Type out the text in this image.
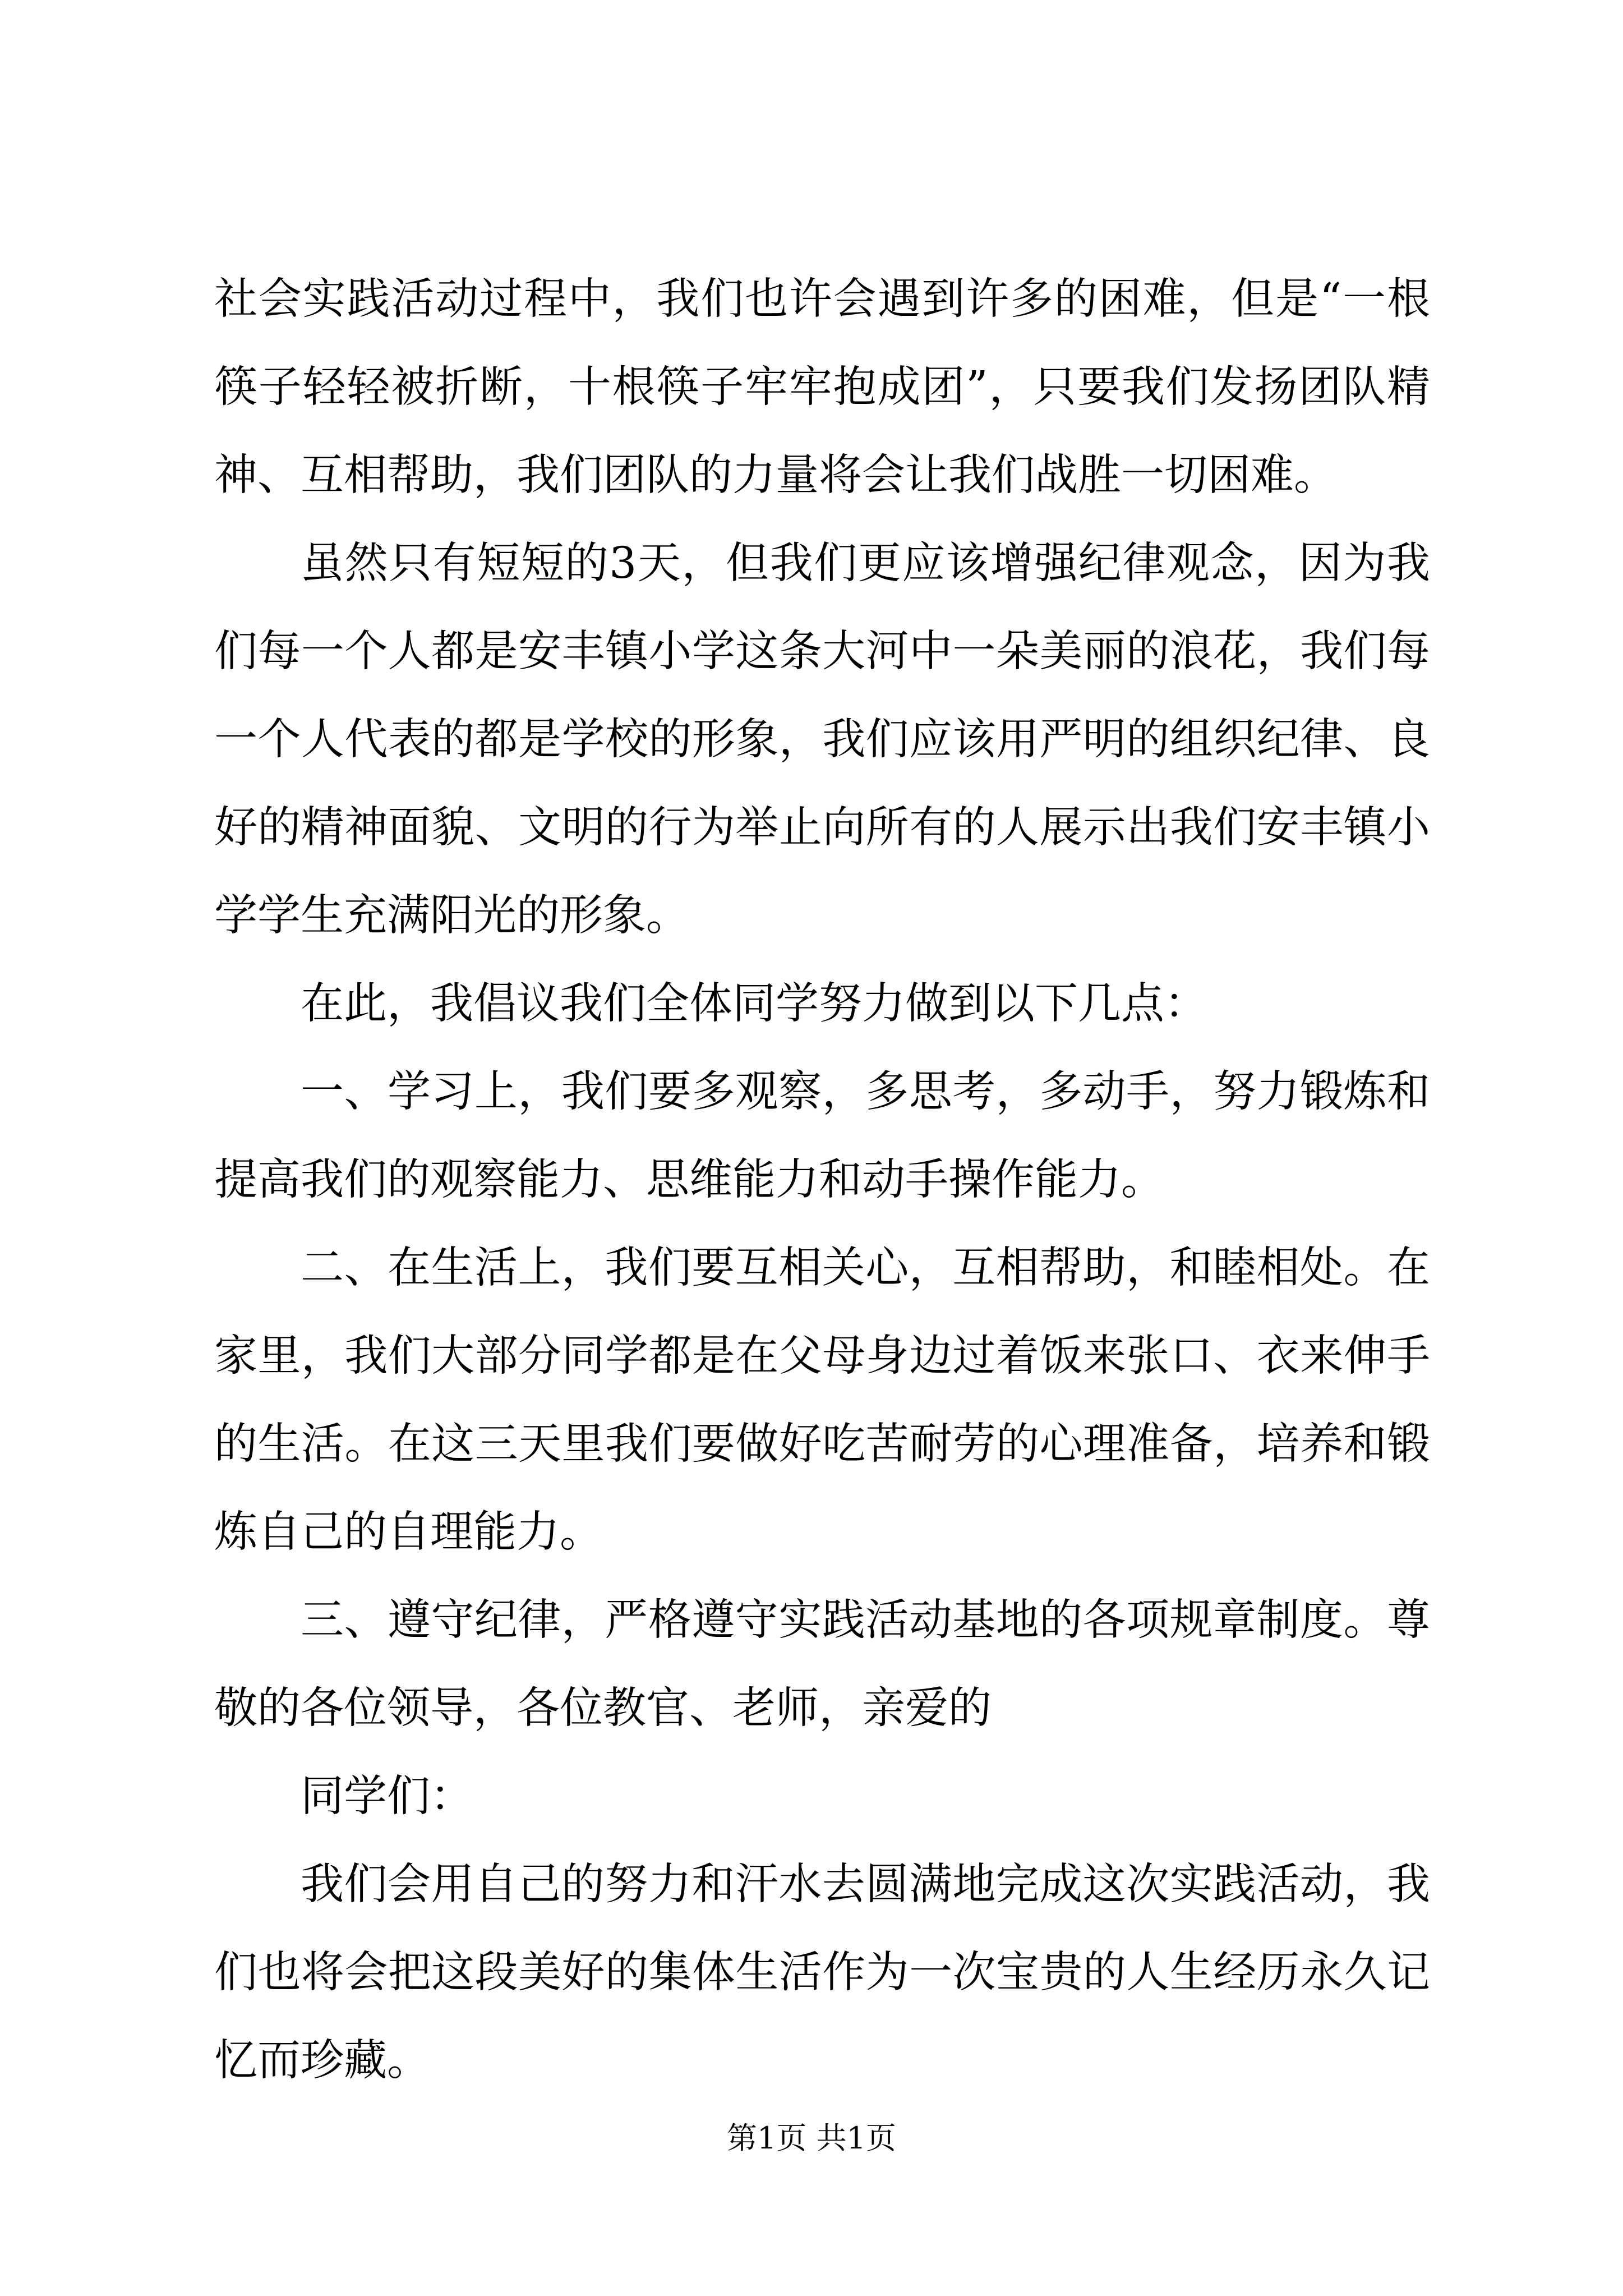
社会实践活动过程中，我们也许会遇到许多的困难，但是“一根筷子轻轻被折断，十根筷子牢牢抱成团”，只要我们发扬团队精神、互相帮助，我们团队的力量将会让我们战胜一切困难。

虽然只有短短的3天，但我们更应该增强纪律观念，因为我们每一个人都是安丰镇小学这条大河中一朵美丽的浪花，我们每一个人代表的都是学校的形象，我们应该用严明的组织纪律、良好的精神面貌、文明的行为举止向所有的人展示出我们安丰镇小学学生充满阳光的形象。

在此，我倡议我们全体同学努力做到以下几点：

一、学习上，我们要多观察，多思考，多动手，努力锻炼和提高我们的观察能力、思维能力和动手操作能力。

二、在生活上，我们要互相关心，互相帮助，和睦相处。在家里，我们大部分同学都是在父母身边过着饭来张口、衣来伸手的生活。在这三天里我们要做好吃苦耐劳的心理准备，培养和锻炼自己的自理能力。

三、遵守纪律，严格遵守实践活动基地的各项规章制度。尊敬的各位领导，各位教官、老师，亲爱的

同学们：

我们会用自己的努力和汗水去圆满地完成这次实践活动，我们也将会把这段美好的集体生活作为一次宝贵的人生经历永久记忆而珍藏。

第1页 共1页
